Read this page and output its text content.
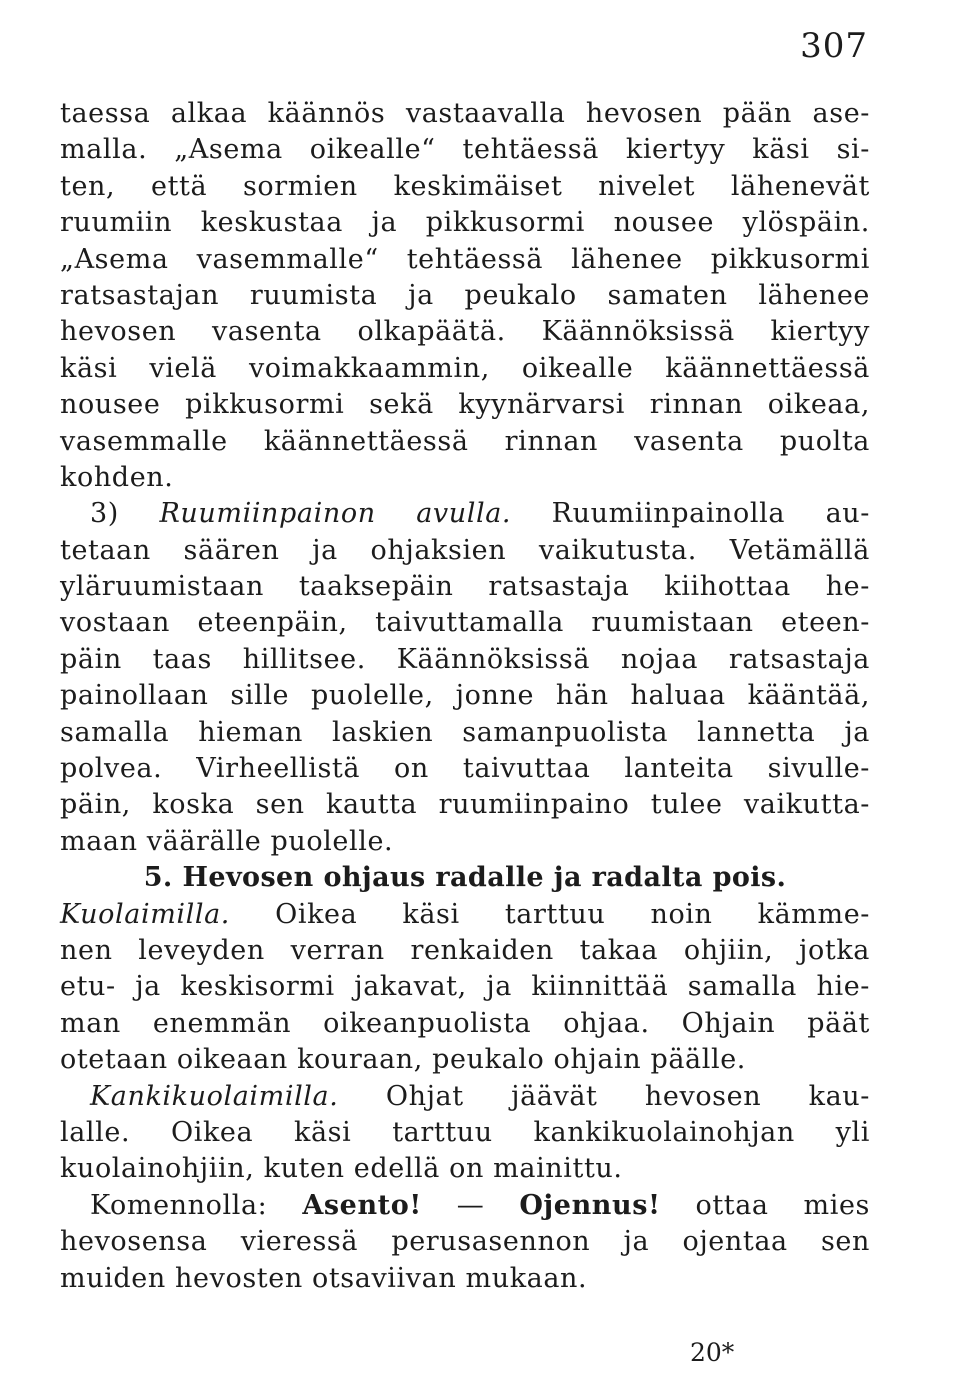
307

taessa alkaa käännös vastaavalla hevosen pään ase-
malla. „Asema oikealle“ tehtäessä kiertyy käsi si-
ten, että sormien keskimäiset nivelet lähenevät
ruumiin keskustaa ja pikkusormi nousee ylöspäin.
„Asema vasemmalle“ tehtäessä lähenee pikkusormi
ratsastajan ruumista ja peukalo samaten lähenee
hevosen vasenta olkapäätä. Käännöksissä kiertyy
käsi vielä voimakkaammin, oikealle käännettäessä
nousee pikkusormi sekä kyynärvarsi rinnan oikeaa,
vasemmalle käännettäessä rinnan vasenta puolta
kohden.
3) Ruumiinpainon avulla. Ruumiinpainolla au-
tetaan säären ja ohjaksien vaikutusta. Vetämällä
yläruumistaan taaksepäin ratsastaja kiihottaa he-
vostaan eteenpäin, taivuttamalla ruumistaan eteen-
päin taas hillitsee. Käännöksissä nojaa ratsastaja
painollaan sille puolelle, jonne hän haluaa kääntää,
samalla hieman laskien samanpuolista lannetta ja
polvea. Virheellistä on taivuttaa lanteita sivulle-
päin, koska sen kautta ruumiinpaino tulee vaikutta-
maan väärälle puolelle.
5. Hevosen ohjaus radalle ja radalta pois.
Kuolaimilla. Oikea käsi tarttuu noin kämme-
nen leveyden verran renkaiden takaa ohjiin, jotka
etu- ja keskisormi jakavat, ja kiinnittää samalla hie-
man enemmän oikeanpuolista ohjaa. Ohjain päät
otetaan oikeaan kouraan, peukalo ohjain päälle.
Kankikuolaimilla. Ohjat jäävät hevosen kau-
lalle. Oikea käsi tarttuu kankikuolainohjan yli
kuolainohjiin, kuten edellä on mainittu.
Komennolla: Asento! — Ojennus! ottaa mies
hevosensa vieressä perusasennon ja ojentaa sen
muiden hevosten otsaviivan mukaan.

20*
